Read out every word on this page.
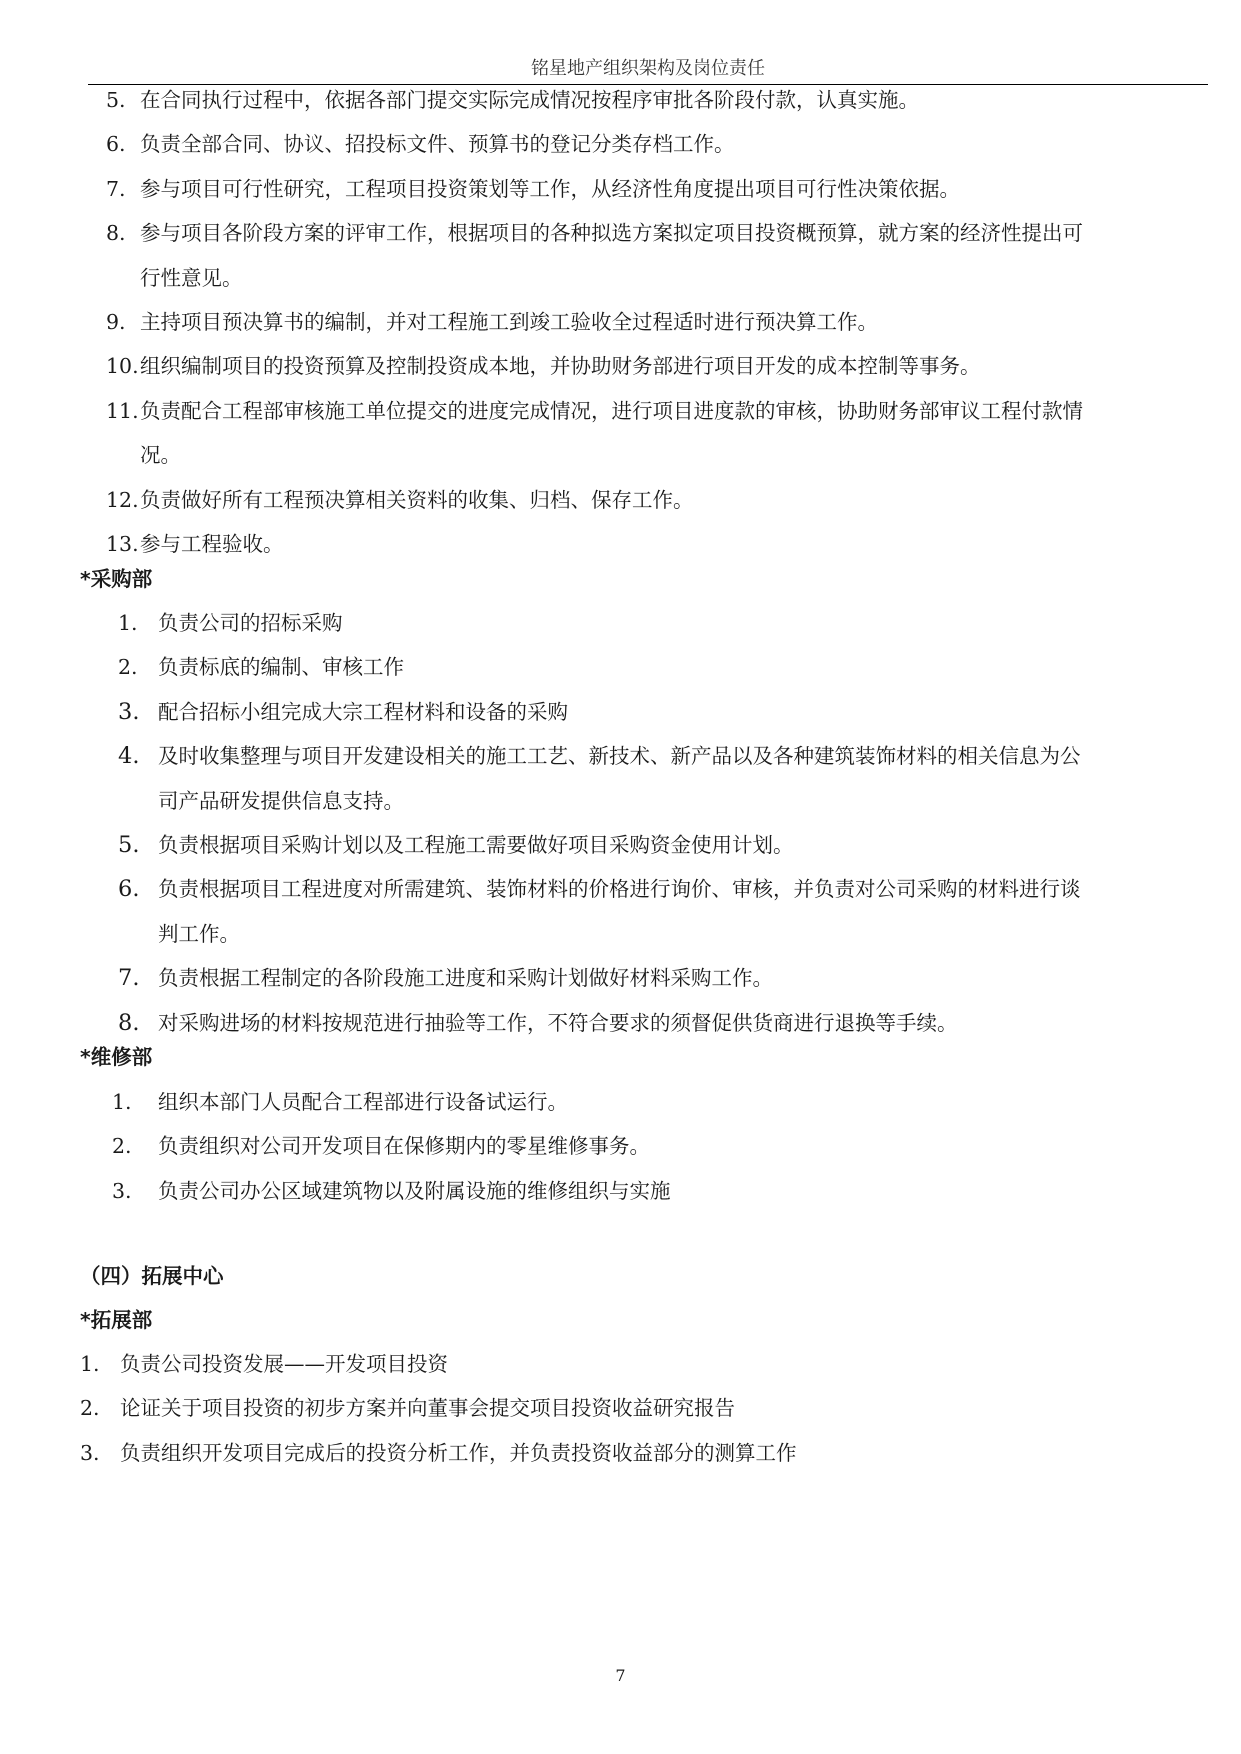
铭星地产组织架构及岗位责任
5. 在合同执行过程中，依据各部门提交实际完成情况按程序审批各阶段付款，认真实施。
6. 负责全部合同、协议、招投标文件、预算书的登记分类存档工作。
7. 参与项目可行性研究，工程项目投资策划等工作，从经济性角度提出项目可行性决策依据。
8. 参与项目各阶段方案的评审工作，根据项目的各种拟选方案拟定项目投资概预算，就方案的经济性提出可
行性意见。
9. 主持项目预决算书的编制，并对工程施工到竣工验收全过程适时进行预决算工作。
10. 组织编制项目的投资预算及控制投资成本地，并协助财务部进行项目开发的成本控制等事务。
11. 负责配合工程部审核施工单位提交的进度完成情况，进行项目进度款的审核，协助财务部审议工程付款情
况。
12. 负责做好所有工程预决算相关资料的收集、归档、保存工作。
13. 参与工程验收。
*采购部
1. 负责公司的招标采购
2. 负责标底的编制、审核工作
3. 配合招标小组完成大宗工程材料和设备的采购
4. 及时收集整理与项目开发建设相关的施工工艺、新技术、新产品以及各种建筑装饰材料的相关信息为公
司产品研发提供信息支持。
5. 负责根据项目采购计划以及工程施工需要做好项目采购资金使用计划。
6. 负责根据项目工程进度对所需建筑、装饰材料的价格进行询价、审核，并负责对公司采购的材料进行谈
判工作。
7. 负责根据工程制定的各阶段施工进度和采购计划做好材料采购工作。
8. 对采购进场的材料按规范进行抽验等工作，不符合要求的须督促供货商进行退换等手续。
*维修部
1. 组织本部门人员配合工程部进行设备试运行。
2. 负责组织对公司开发项目在保修期内的零星维修事务。
3. 负责公司办公区域建筑物以及附属设施的维修组织与实施
（四）拓展中心
*拓展部
1. 负责公司投资发展——开发项目投资
2. 论证关于项目投资的初步方案并向董事会提交项目投资收益研究报告
3. 负责组织开发项目完成后的投资分析工作，并负责投资收益部分的测算工作
7
